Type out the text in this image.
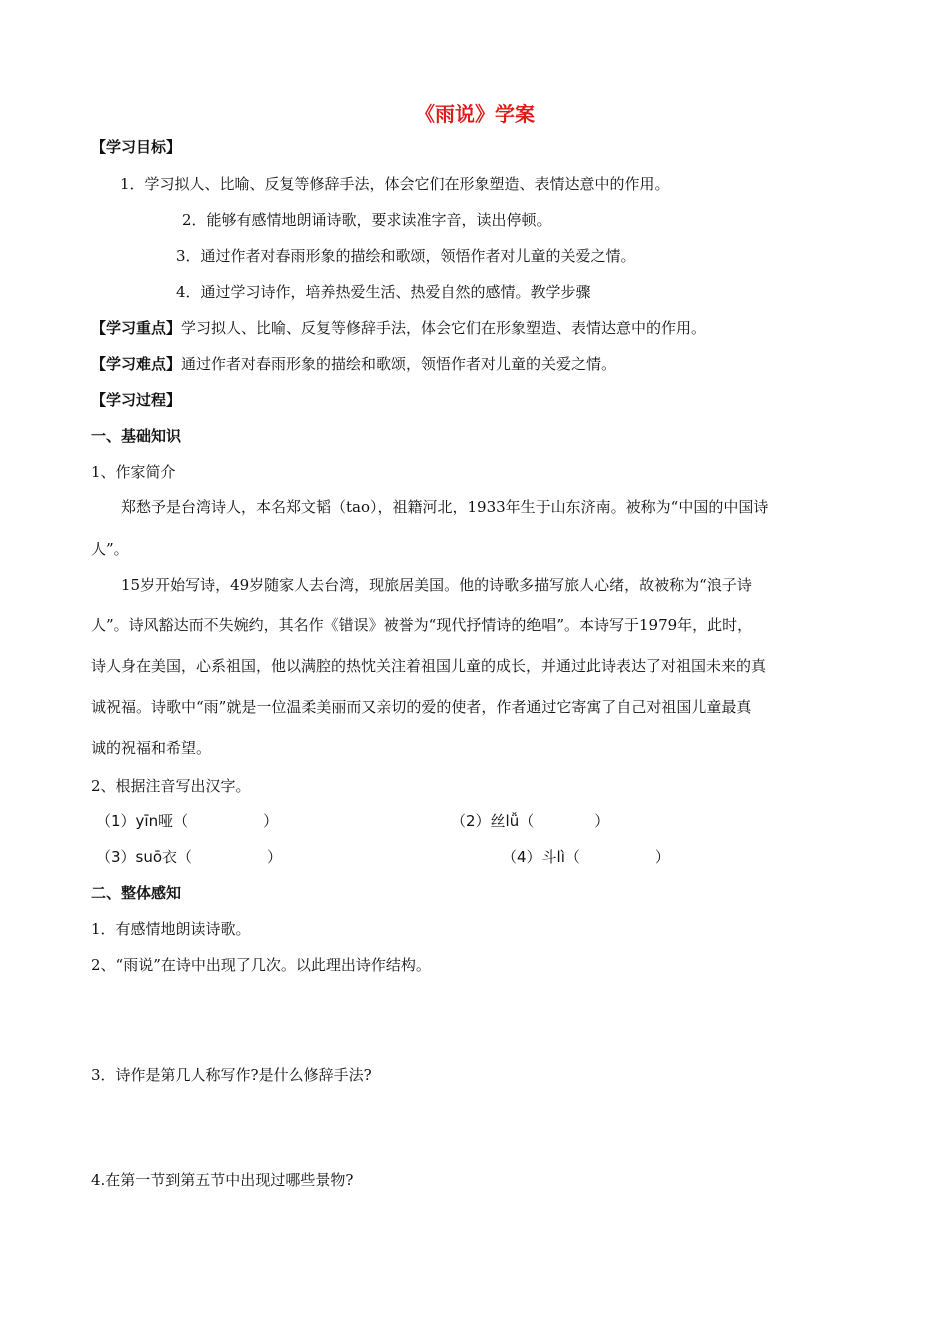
《雨说》学案
【学习目标】
1．学习拟人、比喻、反复等修辞手法，体会它们在形象塑造、表情达意中的作用。
2．能够有感情地朗诵诗歌，要求读准字音，读出停顿。
3．通过作者对春雨形象的描绘和歌颂，领悟作者对儿童的关爱之情。
4．通过学习诗作，培养热爱生活、热爱自然的感情。教学步骤
【学习重点】学习拟人、比喻、反复等修辞手法，体会它们在形象塑造、表情达意中的作用。
【学习难点】通过作者对春雨形象的描绘和歌颂，领悟作者对儿童的关爱之情。
【学习过程】
一、基础知识
1、作家简介
郑愁予是台湾诗人，本名郑文韬（tao），祖籍河北，1933年生于山东济南。被称为“中国的中国诗
人”。
15岁开始写诗，49岁随家人去台湾，现旅居美国。他的诗歌多描写旅人心绪，故被称为“浪子诗
人”。诗风豁达而不失婉约，其名作《错误》被誉为“现代抒情诗的绝唱”。本诗写于1979年，此时，
诗人身在美国，心系祖国，他以满腔的热忱关注着祖国儿童的成长，并通过此诗表达了对祖国未来的真
诚祝福。诗歌中“雨”就是一位温柔美丽而又亲切的爱的使者，作者通过它寄寓了自己对祖国儿童最真
诚的祝福和希望。
2、根据注音写出汉字。
（1）yīn哑（　　　　　）	（2）丝lǚ（　　　　）
（3）suō衣（　　　　　）	（4）斗lì（　　　　　）
二、整体感知
1．有感情地朗读诗歌。
2、“雨说”在诗中出现了几次。以此理出诗作结构。
3．诗作是第几人称写作?是什么修辞手法?
4.在第一节到第五节中出现过哪些景物?
